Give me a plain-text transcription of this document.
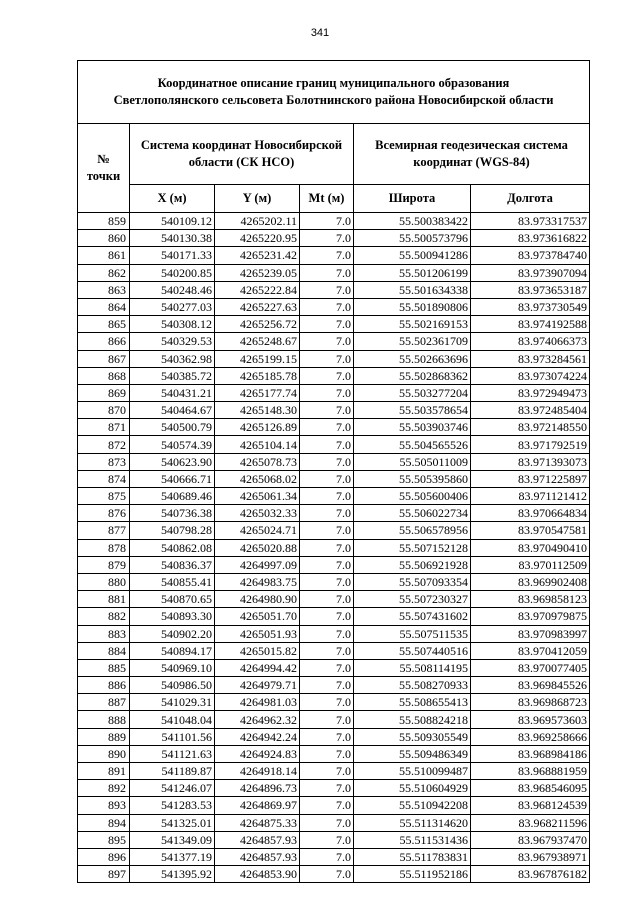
341
Координатное описание границ муниципального образования
Светлополянского сельсовета Болотнинского района Новосибирской области					

№
точки	Система координат Новосибирской области (СК НСО)			Всемирная геодезическая система координат (WGS-84)	
	X (м)	Y (м)	Mt (м)	Широта	Долгота
859	540109.12	4265202.11	7.0	55.500383422	83.973317537
860	540130.38	4265220.95	7.0	55.500573796	83.973616822
861	540171.33	4265231.42	7.0	55.500941286	83.973784740
862	540200.85	4265239.05	7.0	55.501206199	83.973907094
863	540248.46	4265222.84	7.0	55.501634338	83.973653187
864	540277.03	4265227.63	7.0	55.501890806	83.973730549
865	540308.12	4265256.72	7.0	55.502169153	83.974192588
866	540329.53	4265248.67	7.0	55.502361709	83.974066373
867	540362.98	4265199.15	7.0	55.502663696	83.973284561
868	540385.72	4265185.78	7.0	55.502868362	83.973074224
869	540431.21	4265177.74	7.0	55.503277204	83.972949473
870	540464.67	4265148.30	7.0	55.503578654	83.972485404
871	540500.79	4265126.89	7.0	55.503903746	83.972148550
872	540574.39	4265104.14	7.0	55.504565526	83.971792519
873	540623.90	4265078.73	7.0	55.505011009	83.971393073
874	540666.71	4265068.02	7.0	55.505395860	83.971225897
875	540689.46	4265061.34	7.0	55.505600406	83.971121412
876	540736.38	4265032.33	7.0	55.506022734	83.970664834
877	540798.28	4265024.71	7.0	55.506578956	83.970547581
878	540862.08	4265020.88	7.0	55.507152128	83.970490410
879	540836.37	4264997.09	7.0	55.506921928	83.970112509
880	540855.41	4264983.75	7.0	55.507093354	83.969902408
881	540870.65	4264980.90	7.0	55.507230327	83.969858123
882	540893.30	4265051.70	7.0	55.507431602	83.970979875
883	540902.20	4265051.93	7.0	55.507511535	83.970983997
884	540894.17	4265015.82	7.0	55.507440516	83.970412059
885	540969.10	4264994.42	7.0	55.508114195	83.970077405
886	540986.50	4264979.71	7.0	55.508270933	83.969845526
887	541029.31	4264981.03	7.0	55.508655413	83.969868723
888	541048.04	4264962.32	7.0	55.508824218	83.969573603
889	541101.56	4264942.24	7.0	55.509305549	83.969258666
890	541121.63	4264924.83	7.0	55.509486349	83.968984186
891	541189.87	4264918.14	7.0	55.510099487	83.968881959
892	541246.07	4264896.73	7.0	55.510604929	83.968546095
893	541283.53	4264869.97	7.0	55.510942208	83.968124539
894	541325.01	4264875.33	7.0	55.511314620	83.968211596
895	541349.09	4264857.93	7.0	55.511531436	83.967937470
896	541377.19	4264857.93	7.0	55.511783831	83.967938971
897	541395.92	4264853.90	7.0	55.511952186	83.967876182
